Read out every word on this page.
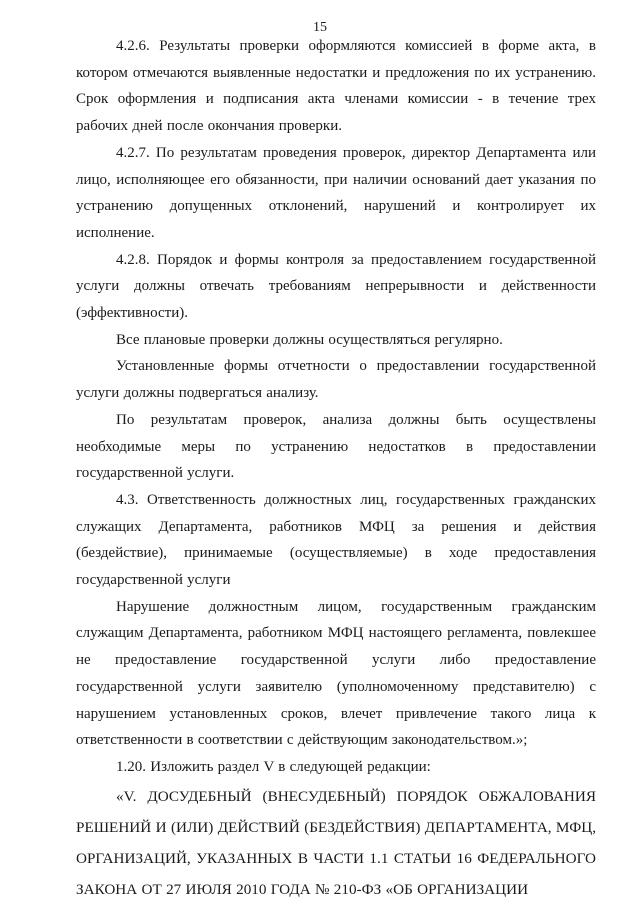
15

4.2.6. Результаты проверки оформляются комиссией в форме акта, в котором отмечаются выявленные недостатки и предложения по их устранению. Срок оформления и подписания акта членами комиссии - в течение трех рабочих дней после окончания проверки.

4.2.7. По результатам проведения проверок, директор Департамента или лицо, исполняющее его обязанности, при наличии оснований дает указания по устранению допущенных отклонений, нарушений и контролирует их исполнение.

4.2.8. Порядок и формы контроля за предоставлением государственной услуги должны отвечать требованиям непрерывности и действенности (эффективности).

Все плановые проверки должны осуществляться регулярно.

Установленные формы отчетности о предоставлении государственной услуги должны подвергаться анализу.

По результатам проверок, анализа должны быть осуществлены необходимые меры по устранению недостатков в предоставлении государственной услуги.

4.3. Ответственность должностных лиц, государственных гражданских служащих Департамента, работников МФЦ за решения и действия (бездействие), принимаемые (осуществляемые) в ходе предоставления государственной услуги

Нарушение должностным лицом, государственным гражданским служащим Департамента, работником МФЦ настоящего регламента, повлекшее не предоставление государственной услуги либо предоставление государственной услуги заявителю (уполномоченному представителю) с нарушением установленных сроков, влечет привлечение такого лица к ответственности в соответствии с действующим законодательством.»;

1.20. Изложить раздел V в следующей редакции:

«V. ДОСУДЕБНЫЙ (ВНЕСУДЕБНЫЙ) ПОРЯДОК ОБЖАЛОВАНИЯ РЕШЕНИЙ И (ИЛИ) ДЕЙСТВИЙ (БЕЗДЕЙСТВИЯ) ДЕПАРТАМЕНТА, МФЦ, ОРГАНИЗАЦИЙ, УКАЗАННЫХ В ЧАСТИ 1.1 СТАТЬИ 16 ФЕДЕРАЛЬНОГО ЗАКОНА ОТ 27 ИЮЛЯ 2010 ГОДА № 210-ФЗ «ОБ ОРГАНИЗАЦИИ
